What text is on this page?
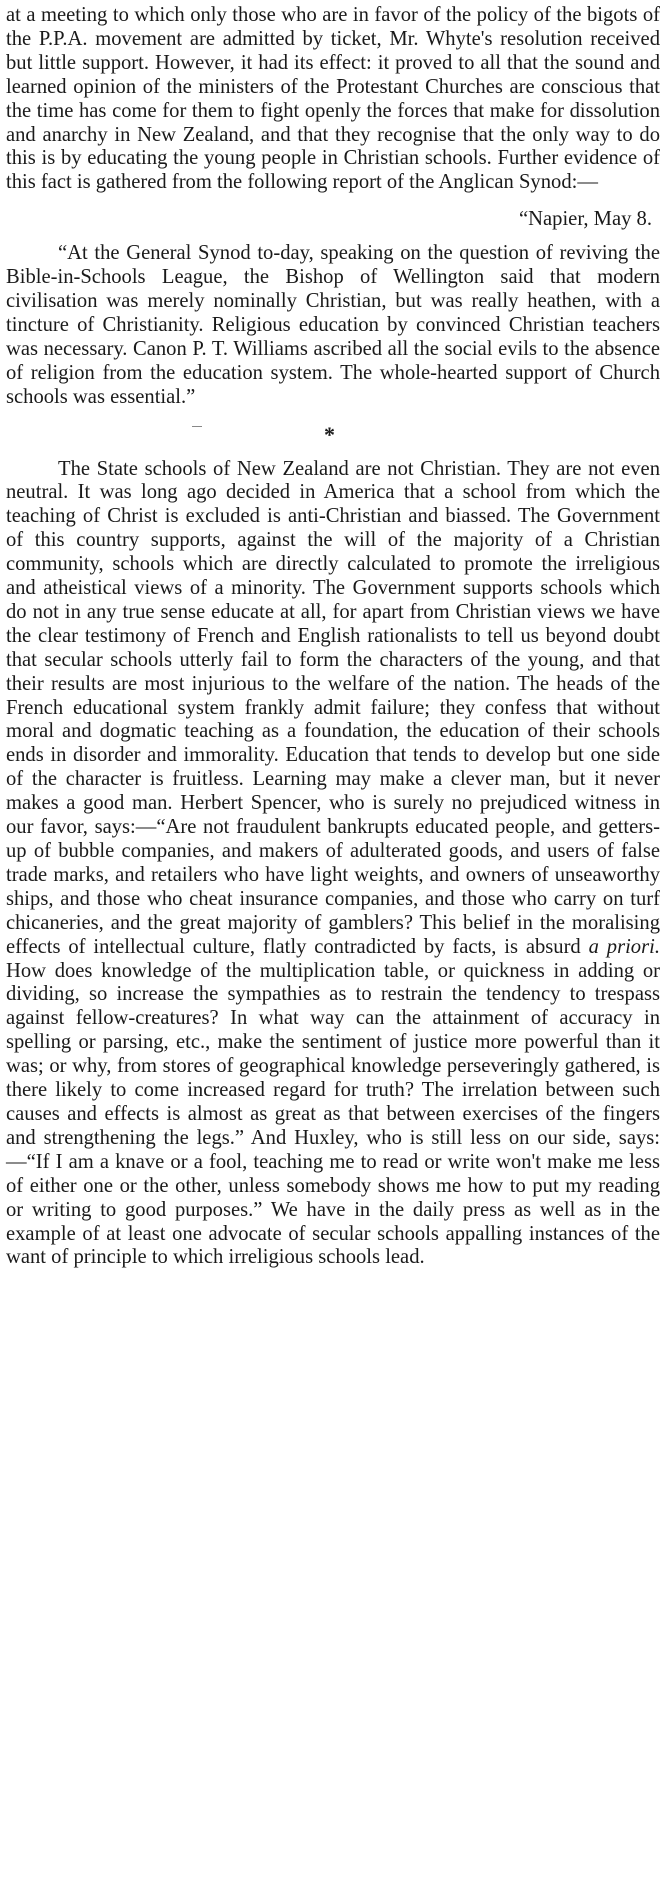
at a meeting to which only those who are in favor of the policy of the bigots of the P.P.A. movement are admitted by ticket, Mr. Whyte's resolution received but little support. However, it had its effect: it proved to all that the sound and learned opinion of the ministers of the Protestant Churches are conscious that the time has come for them to fight openly the forces that make for dissolution and anarchy in New Zealand, and that they recognise that the only way to do this is by educating the young people in Christian schools. Further evidence of this fact is gathered from the following report of the Anglican Synod:—

“Napier, May 8.

“At the General Synod to-day, speaking on the question of reviving the Bible-in-Schools League, the Bishop of Wellington said that modern civilisation was merely nominally Christian, but was really heathen, with a tincture of Christianity. Religious education by convinced Christian teachers was necessary. Canon P. T. Williams ascribed all the social evils to the absence of religion from the education system. The whole-hearted support of Church schools was essential.”

*

The State schools of New Zealand are not Christian. They are not even neutral. It was long ago decided in America that a school from which the teaching of Christ is excluded is anti-Christian and biassed. The Government of this country supports, against the will of the majority of a Christian community, schools which are directly calculated to promote the irreligious and atheistical views of a minority. The Government supports schools which do not in any true sense educate at all, for apart from Christian views we have the clear testimony of French and English rationalists to tell us beyond doubt that secular schools utterly fail to form the characters of the young, and that their results are most injurious to the welfare of the nation. The heads of the French educational system frankly admit failure; they confess that without moral and dogmatic teaching as a foundation, the education of their schools ends in disorder and immorality. Education that tends to develop but one side of the character is fruitless. Learning may make a clever man, but it never makes a good man. Herbert Spencer, who is surely no prejudiced witness in our favor, says:—“Are not fraudulent bankrupts educated people, and getters-up of bubble companies, and makers of adulterated goods, and users of false trade marks, and retailers who have light weights, and owners of unseaworthy ships, and those who cheat insurance companies, and those who carry on turf chicaneries, and the great majority of gamblers? This belief in the moralising effects of intellectual culture, flatly contradicted by facts, is absurd a priori. How does knowledge of the multiplication table, or quickness in adding or dividing, so increase the sympathies as to restrain the tendency to trespass against fellow-creatures? In what way can the attainment of accuracy in spelling or parsing, etc., make the sentiment of justice more powerful than it was; or why, from stores of geographical knowledge perseveringly gathered, is there likely to come increased regard for truth? The irrelation between such causes and effects is almost as great as that between exercises of the fingers and strengthening the legs.” And Huxley, who is still less on our side, says:—“If I am a knave or a fool, teaching me to read or write won't make me less of either one or the other, unless somebody shows me how to put my reading or writing to good purposes.” We have in the daily press as well as in the example of at least one advocate of secular schools appalling instances of the want of principle to which irreligious schools lead.
